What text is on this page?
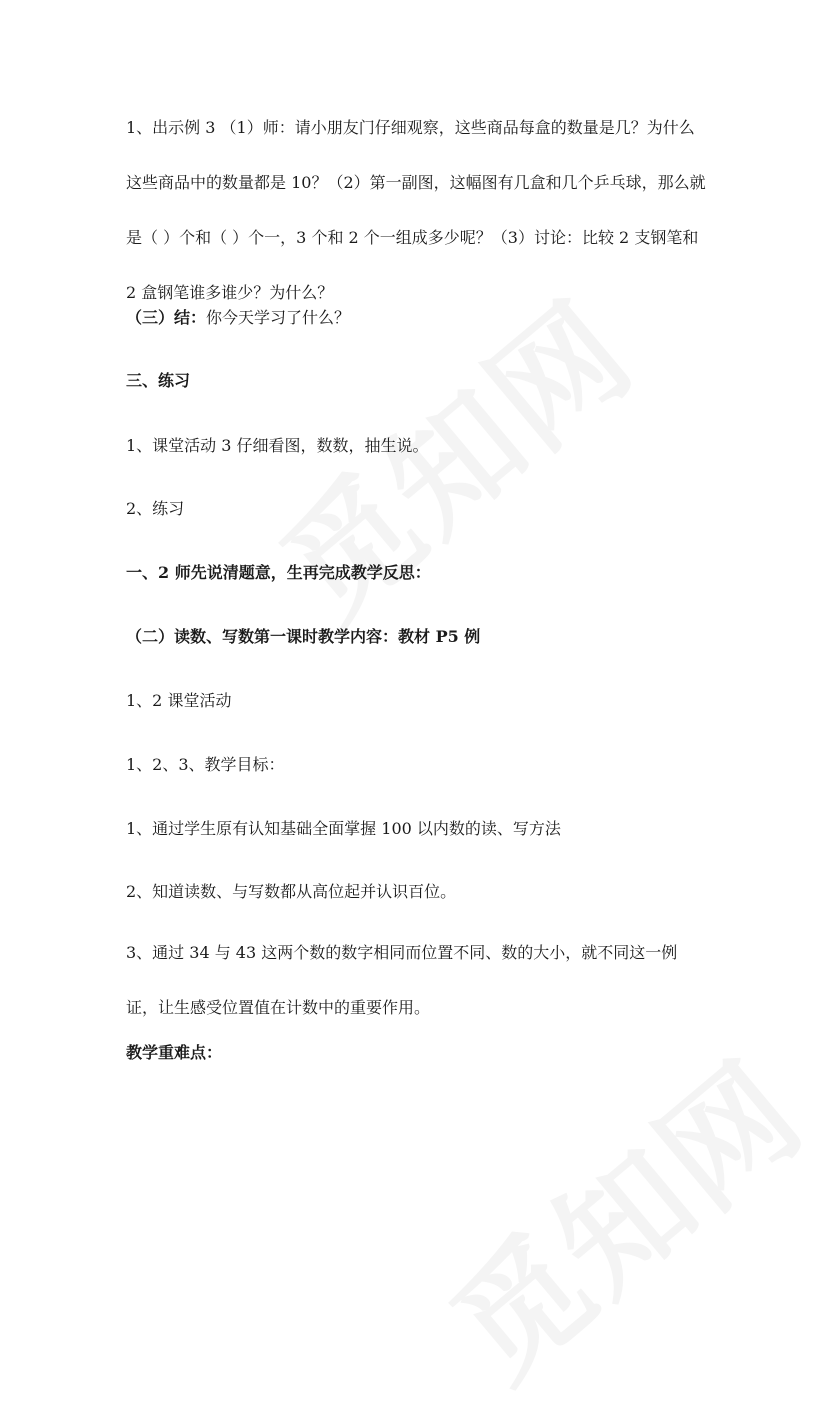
1、出示例 3 （1）师：请小朋友门仔细观察，这些商品每盒的数量是几？为什么这些商品中的数量都是 10？（2）第一副图，这幅图有几盒和几个乒乓球，那么就是（ ）个和（ ）个一，3 个和 2 个一组成多少呢？（3）讨论：比较 2 支钢笔和 2 盒钢笔谁多谁少？为什么？

（三）结：你今天学习了什么？

三、练习

1、课堂活动 3 仔细看图，数数，抽生说。

2、练习

一、2 师先说清题意，生再完成教学反思：

（二）读数、写数第一课时教学内容：教材 P5 例

1、2 课堂活动

1、2、3、教学目标：

1、通过学生原有认知基础全面掌握 100 以内数的读、写方法

2、知道读数、与写数都从高位起并认识百位。

3、通过 34 与 43 这两个数的数字相同而位置不同、数的大小，就不同这一例证，让生感受位置值在计数中的重要作用。

教学重难点：
